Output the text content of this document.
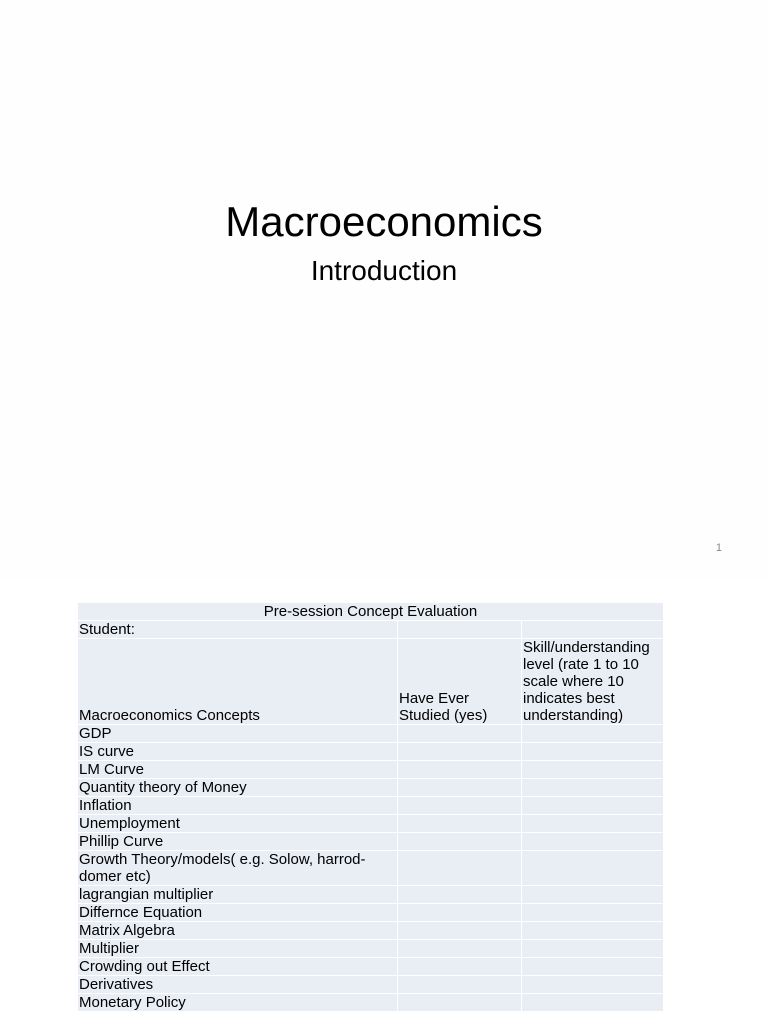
Macroeconomics
Introduction
1
Pre-session Concept Evaluation		
Student:		
Macroeconomics Concepts	Have Ever Studied (yes)	Skill/understanding level (rate 1 to 10 scale where 10 indicates best understanding)
GDP		
IS curve		
LM Curve		
Quantity theory of Money		
Inflation		
Unemployment		
Phillip Curve		
Growth Theory/models( e.g. Solow, harrod-domer etc)		
lagrangian multiplier		
Differnce Equation		
Matrix Algebra		
Multiplier		
Crowding out Effect		
Derivatives		
Monetary Policy		
